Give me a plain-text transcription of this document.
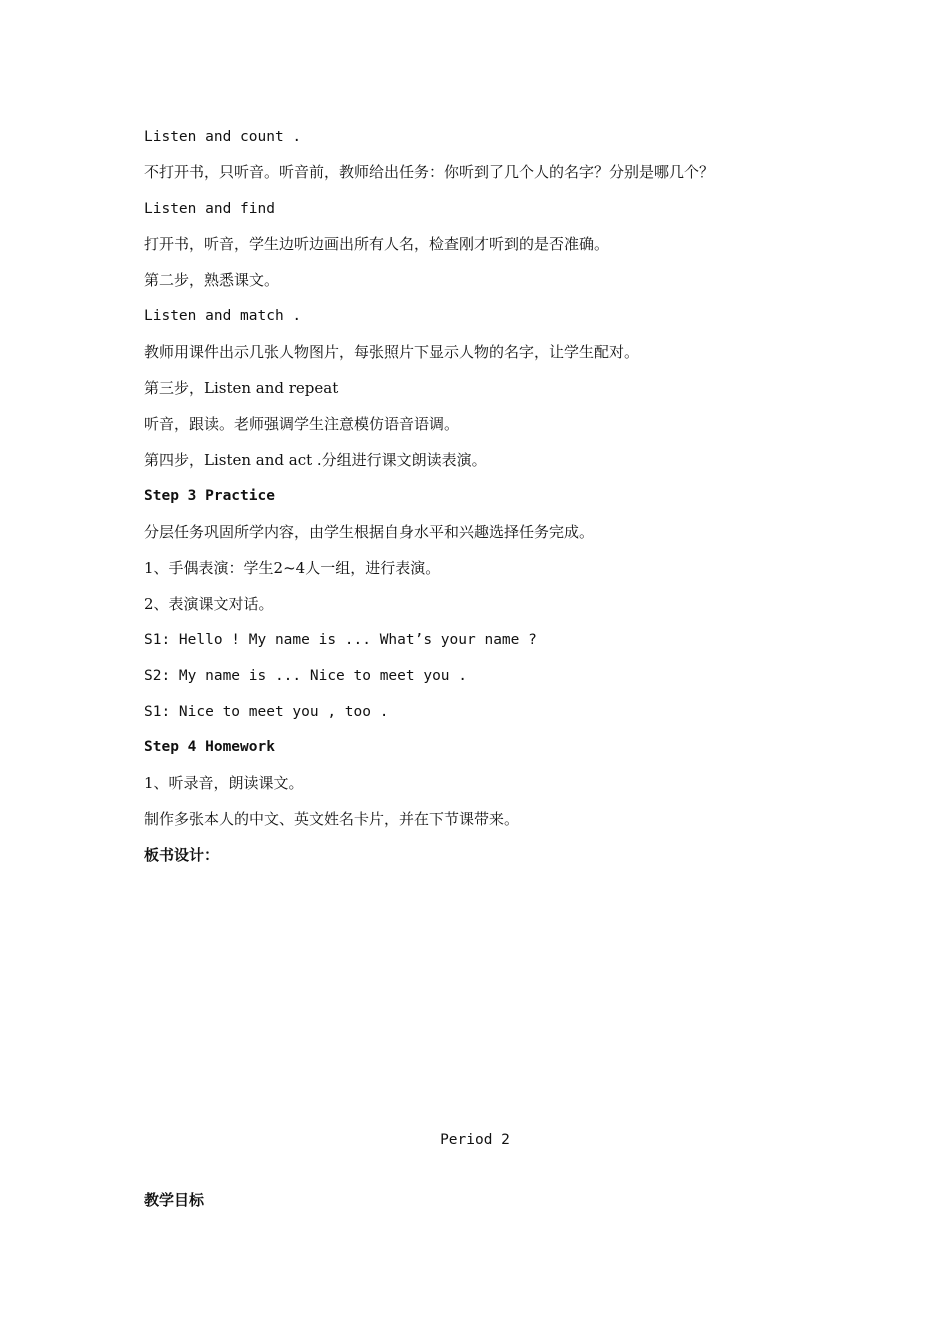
Listen and count .
不打开书，只听音。听音前，教师给出任务：你听到了几个人的名字？分别是哪几个？
Listen and find
打开书，听音，学生边听边画出所有人名，检查刚才听到的是否准确。
第二步，熟悉课文。
Listen and match .
教师用课件出示几张人物图片，每张照片下显示人物的名字，让学生配对。
第三步，Listen and repeat
听音，跟读。老师强调学生注意模仿语音语调。
第四步，Listen and act .分组进行课文朗读表演。
Step 3 Practice
分层任务巩固所学内容，由学生根据自身水平和兴趣选择任务完成。
1、手偶表演：学生2~4人一组，进行表演。
2、表演课文对话。
S1: Hello ! My name is ... What’s your name ?
S2: My name is ... Nice to meet you .
S1: Nice to meet you , too .
Step 4 Homework
1、听录音，朗读课文。
制作多张本人的中文、英文姓名卡片，并在下节课带来。
板书设计：
Period 2
教学目标
